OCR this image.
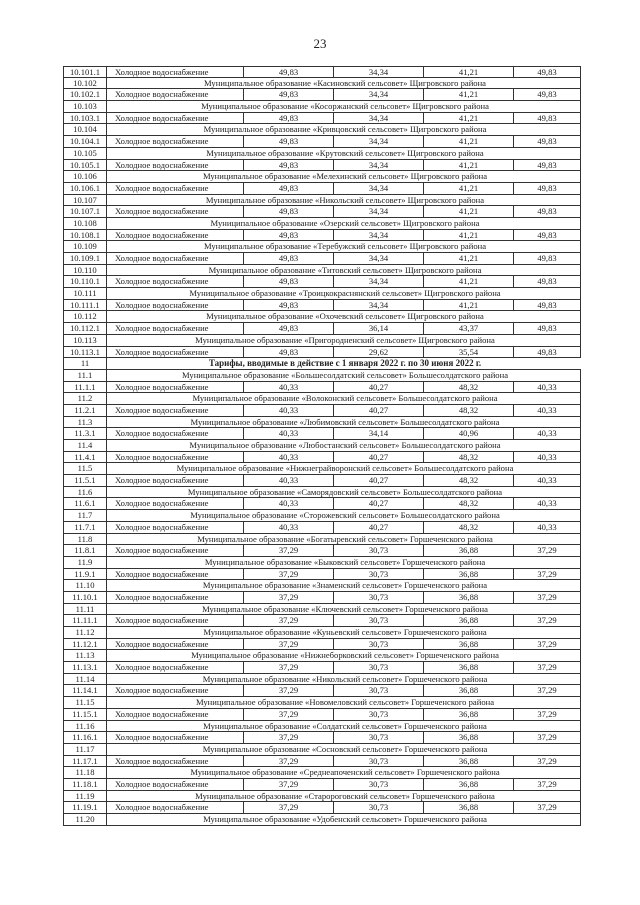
23
10.101.1	Холодное водоснабжение	49,83	34,34	41,21	49,83
10.102	Муниципальное образование «Касиновский сельсовет» Щигровского района
10.102.1	Холодное водоснабжение	49,83	34,34	41,21	49,83
10.103	Муниципальное образование «Косоржанский сельсовет» Щигровского района
10.103.1	Холодное водоснабжение	49,83	34,34	41,21	49,83
10.104	Муниципальное образование «Кривцовский сельсовет» Щигровского района
10.104.1	Холодное водоснабжение	49,83	34,34	41,21	49,83
10.105	Муниципальное образование «Крутовский сельсовет» Щигровского района
10.105.1	Холодное водоснабжение	49,83	34,34	41,21	49,83
10.106	Муниципальное образование «Мелехинский сельсовет» Щигровского района
10.106.1	Холодное водоснабжение	49,83	34,34	41,21	49,83
10.107	Муниципальное образование «Никольский сельсовет» Щигровского района
10.107.1	Холодное водоснабжение	49,83	34,34	41,21	49,83
10.108	Муниципальное образование «Озерский сельсовет» Щигровского района
10.108.1	Холодное водоснабжение	49,83	34,34	41,21	49,83
10.109	Муниципальное образование «Теребужский сельсовет» Щигровского района
10.109.1	Холодное водоснабжение	49,83	34,34	41,21	49,83
10.110	Муниципальное образование «Титовский сельсовет» Щигровского района
10.110.1	Холодное водоснабжение	49,83	34,34	41,21	49,83
10.111	Муниципальное образование «Троицкокраснянский сельсовет» Щигровского района
10.111.1	Холодное водоснабжение	49,83	34,34	41,21	49,83
10.112	Муниципальное образование «Охочевский сельсовет» Щигровского района
10.112.1	Холодное водоснабжение	49,83	36,14	43,37	49,83
10.113	Муниципальное образование «Пригородненский сельсовет» Щигровского района
10.113.1	Холодное водоснабжение	49,83	29,62	35,54	49,83
11	Тарифы, вводимые в действие с 1 января 2022 г. по 30 июня 2022 г.
11.1	Муниципальное образование «Большесолдатский сельсовет» Большесолдатского района
11.1.1	Холодное водоснабжение	40,33	40,27	48,32	40,33
11.2	Муниципальное образование «Волоконский сельсовет» Большесолдатского района
11.2.1	Холодное водоснабжение	40,33	40,27	48,32	40,33
11.3	Муниципальное образование «Любимовский сельсовет» Большесолдатского района
11.3.1	Холодное водоснабжение	40,33	34,14	40,96	40,33
11.4	Муниципальное образование «Любостанский сельсовет» Большесолдатского района
11.4.1	Холодное водоснабжение	40,33	40,27	48,32	40,33
11.5	Муниципальное образование «Нижнеграйворонский сельсовет» Большесолдатского района
11.5.1	Холодное водоснабжение	40,33	40,27	48,32	40,33
11.6	Муниципальное образование «Саморядовский сельсовет» Большесолдатского района
11.6.1	Холодное водоснабжение	40,33	40,27	48,32	40,33
11.7	Муниципальное образование «Сторожевский сельсовет» Большесолдатского района
11.7.1	Холодное водоснабжение	40,33	40,27	48,32	40,33
11.8	Муниципальное образование «Богатыревский сельсовет» Горшеченского района
11.8.1	Холодное водоснабжение	37,29	30,73	36,88	37,29
11.9	Муниципальное образование «Быковский сельсовет» Горшеченского района
11.9.1	Холодное водоснабжение	37,29	30,73	36,88	37,29
11.10	Муниципальное образование «Знаменский сельсовет» Горшеченского района
11.10.1	Холодное водоснабжение	37,29	30,73	36,88	37,29
11.11	Муниципальное образование «Ключевский сельсовет» Горшеченского района
11.11.1	Холодное водоснабжение	37,29	30,73	36,88	37,29
11.12	Муниципальное образование «Куньевский сельсовет» Горшеченского района
11.12.1	Холодное водоснабжение	37,29	30,73	36,88	37,29
11.13	Муниципальное образование «Нижнеборковский сельсовет» Горшеченского района
11.13.1	Холодное водоснабжение	37,29	30,73	36,88	37,29
11.14	Муниципальное образование «Никольский сельсовет» Горшеченского района
11.14.1	Холодное водоснабжение	37,29	30,73	36,88	37,29
11.15	Муниципальное образование «Новомеловский сельсовет» Горшеченского района
11.15.1	Холодное водоснабжение	37,29	30,73	36,88	37,29
11.16	Муниципальное образование «Солдатский сельсовет» Горшеченского района
11.16.1	Холодное водоснабжение	37,29	30,73	36,88	37,29
11.17	Муниципальное образование «Сосновский сельсовет» Горшеченского района
11.17.1	Холодное водоснабжение	37,29	30,73	36,88	37,29
11.18	Муниципальное образование «Среднеапоченский сельсовет» Горшеченского района
11.18.1	Холодное водоснабжение	37,29	30,73	36,88	37,29
11.19	Муниципальное образование «Старороговский сельсовет» Горшеченского района
11.19.1	Холодное водоснабжение	37,29	30,73	36,88	37,29
11.20	Муниципальное образование «Удобенский сельсовет» Горшеченского района
